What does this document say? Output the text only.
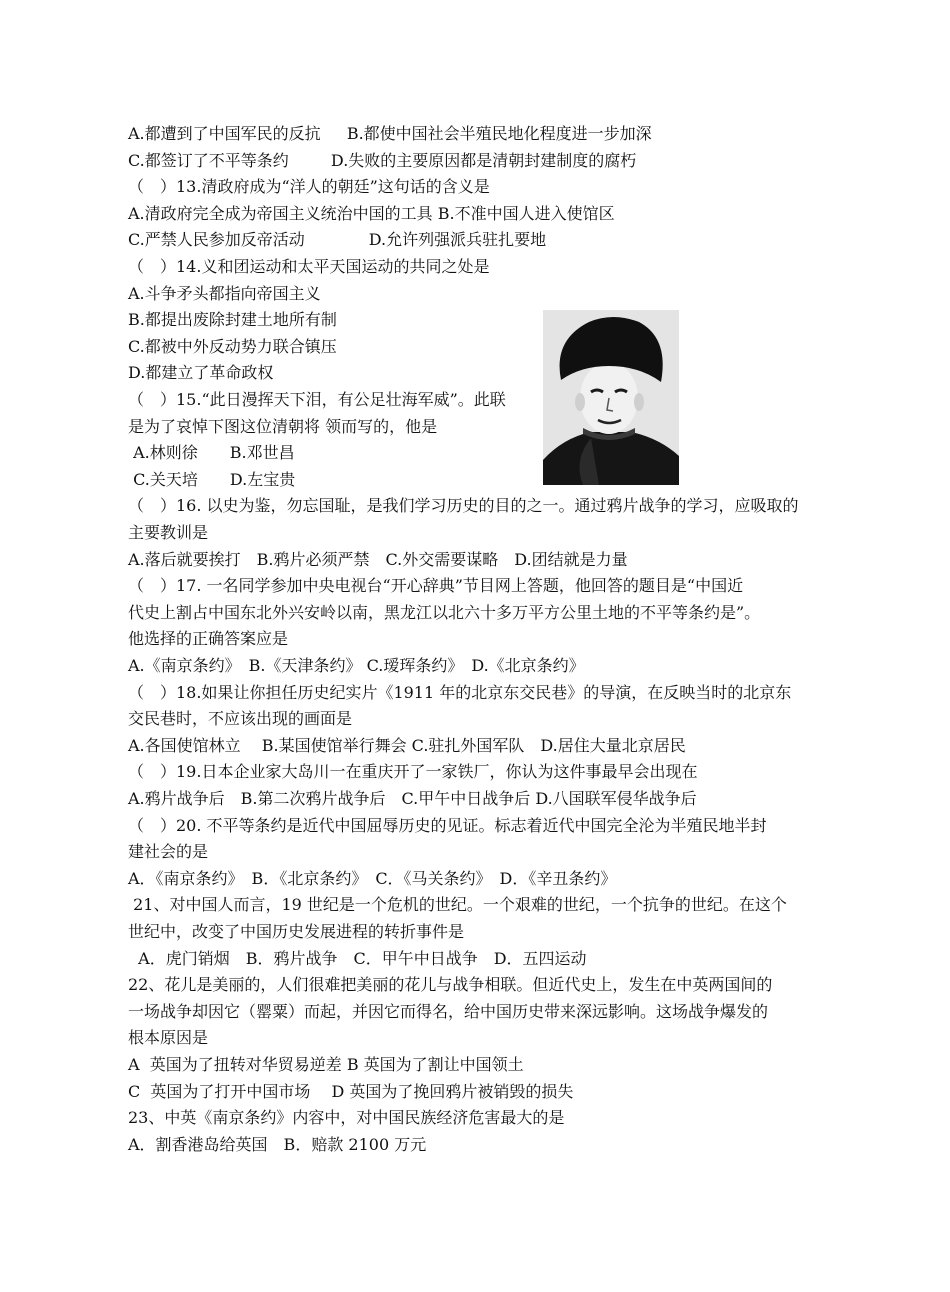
A.都遭到了中国军民的反抗　  B.都使中国社会半殖民地化程度进一步加深
C.都签订了不平等条约　　  D.失败的主要原因都是清朝封建制度的腐朽
（　）13.清政府成为“洋人的朝廷”这句话的含义是
A.清政府完全成为帝国主义统治中国的工具 B.不准中国人进入使馆区
C.严禁人民参加反帝活动　　　　D.允许列强派兵驻扎要地
（　）14.义和团运动和太平天国运动的共同之处是
A.斗争矛头都指向帝国主义
B.都提出废除封建土地所有制
C.都被中外反动势力联合镇压
D.都建立了革命政权
（　）15.“此日漫挥天下泪，有公足壮海军威”。此联
是为了哀悼下图这位清朝将 领而写的，他是
A.林则徐　　B.邓世昌
C.关天培　　D.左宝贵
（　）16. 以史为鉴，勿忘国耻，是我们学习历史的目的之一。通过鸦片战争的学习，应吸取的
主要教训是
A.落后就要挨打　B.鸦片必须严禁　C.外交需要谋略　D.团结就是力量
（　）17. 一名同学参加中央电视台“开心辞典”节目网上答题，他回答的题目是“中国近
代史上割占中国东北外兴安岭以南，黑龙江以北六十多万平方公里土地的不平等条约是”。
他选择的正确答案应是
A.《南京条约》　B.《天津条约》 C.瑷珲条约》　D.《北京条约》
（　）18.如果让你担任历史纪实片《1911 年的北京东交民巷》的导演，在反映当时的北京东
交民巷时，不应该出现的画面是
A.各国使馆林立　 B.某国使馆举行舞会 C.驻扎外国军队　D.居住大量北京居民
（　）19.日本企业家大岛川一在重庆开了一家铁厂，你认为这件事最早会出现在
A.鸦片战争后　B.第二次鸦片战争后　C.甲午中日战争后 D.八国联军侵华战争后
（　）20. 不平等条约是近代中国屈辱历史的见证。标志着近代中国完全沦为半殖民地半封
建社会的是
A．《南京条约》　B．《北京条约》　C．《马关条约》　D．《辛丑条约》
21、对中国人而言，19 世纪是一个危机的世纪。一个艰难的世纪，一个抗争的世纪。在这个
世纪中，改变了中国历史发展进程的转折事件是
A．虎门销烟　B．鸦片战争　C．甲午中日战争　D．五四运动
22、花儿是美丽的，人们很难把美丽的花儿与战争相联。但近代史上，发生在中英两国间的
一场战争却因它（罂粟）而起，并因它而得名，给中国历史带来深远影响。这场战争爆发的
根本原因是
A  英国为了扭转对华贸易逆差 B 英国为了割让中国领土
C  英国为了打开中国市场　 D 英国为了挽回鸦片被销毁的损失
23、中英《南京条约》内容中，对中国民族经济危害最大的是
A．割香港岛给英国　B．赔款 2100 万元
